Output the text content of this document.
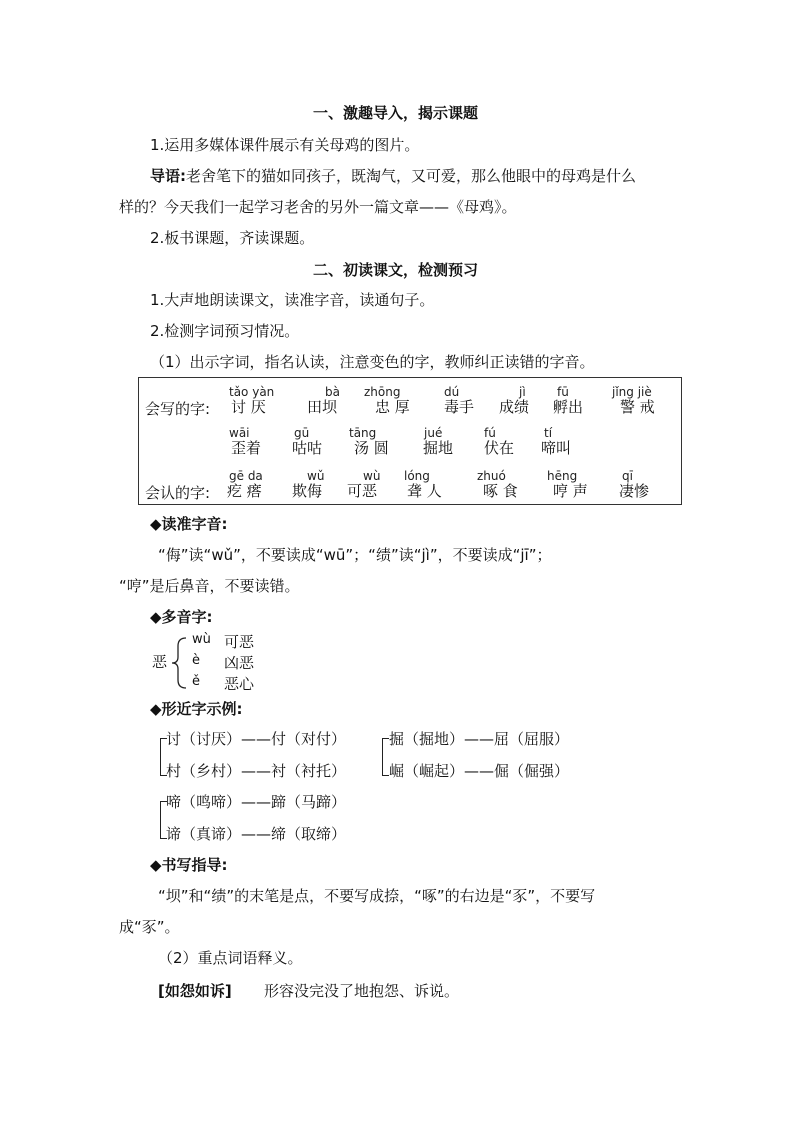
一、激趣导入，揭示课题
1.运用多媒体课件展示有关母鸡的图片。
导语:老舍笔下的猫如同孩子，既淘气，又可爱，那么他眼中的母鸡是什么
样的？今天我们一起学习老舍的另外一篇文章——《母鸡》。
2.板书课题，齐读课题。
二、初读课文，检测预习
1.大声地朗读课文，读准字音，读通句子。
2.检测字词预习情况。
（1）出示字词，指名认读，注意变色的字，教师纠正读错的字音。
会写的字:
会认的字:
tǎo yàn
讨 厌
bà
田坝
zhōng
忠 厚
dú
毒手
jì
成绩
fū
孵出
jǐng jiè
警 戒
wāi
歪着
gū
咕咕
tāng
汤 圆
jué
掘地
fú
伏在
tí
啼叫
gē da
疙 瘩
wǔ
欺侮
wù
可恶
lóng
聋 人
zhuó
啄 食
hēng
哼 声
qī
凄惨
◆读准字音:
“侮”读“wǔ”，不要读成“wū”；“绩”读“jì”，不要读成“jī”；
“哼”是后鼻音，不要读错。
◆多音字:
恶
wù 可恶
è 凶恶
ě 恶心
◆形近字示例:
讨（讨厌）——付（对付）
村（乡村）——衬（衬托）
掘（掘地）——屈（屈服）
崛（崛起）——倔（倔强）
啼（鸣啼）——蹄（马蹄）
谛（真谛）——缔（取缔）
◆书写指导:
“坝”和“绩”的末笔是点，不要写成捺，“啄”的右边是“豕”，不要写
成“豕”。
（2）重点词语释义。
[如怨如诉] 形容没完没了地抱怨、诉说。
